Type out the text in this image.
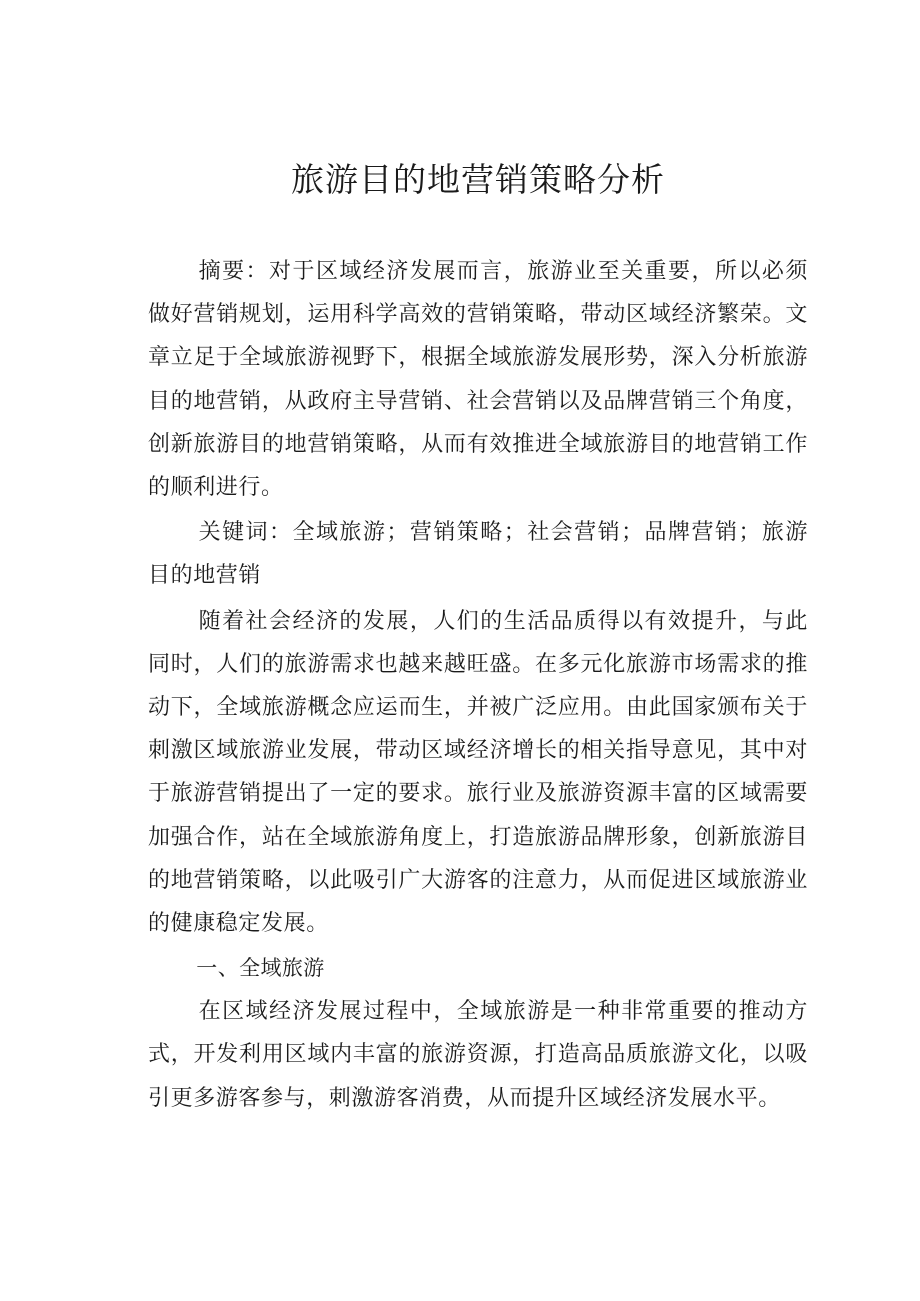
旅游目的地营销策略分析

摘要：对于区域经济发展而言，旅游业至关重要，所以必须做好营销规划，运用科学高效的营销策略，带动区域经济繁荣。文章立足于全域旅游视野下，根据全域旅游发展形势，深入分析旅游目的地营销，从政府主导营销、社会营销以及品牌营销三个角度，创新旅游目的地营销策略，从而有效推进全域旅游目的地营销工作的顺利进行。

关键词：全域旅游；营销策略；社会营销；品牌营销；旅游目的地营销

随着社会经济的发展，人们的生活品质得以有效提升，与此同时，人们的旅游需求也越来越旺盛。在多元化旅游市场需求的推动下，全域旅游概念应运而生，并被广泛应用。由此国家颁布关于刺激区域旅游业发展，带动区域经济增长的相关指导意见，其中对于旅游营销提出了一定的要求。旅行业及旅游资源丰富的区域需要加强合作，站在全域旅游角度上，打造旅游品牌形象，创新旅游目的地营销策略，以此吸引广大游客的注意力，从而促进区域旅游业的健康稳定发展。

一、全域旅游

在区域经济发展过程中，全域旅游是一种非常重要的推动方式，开发利用区域内丰富的旅游资源，打造高品质旅游文化，以吸引更多游客参与，刺激游客消费，从而提升区域经济发展水平。
